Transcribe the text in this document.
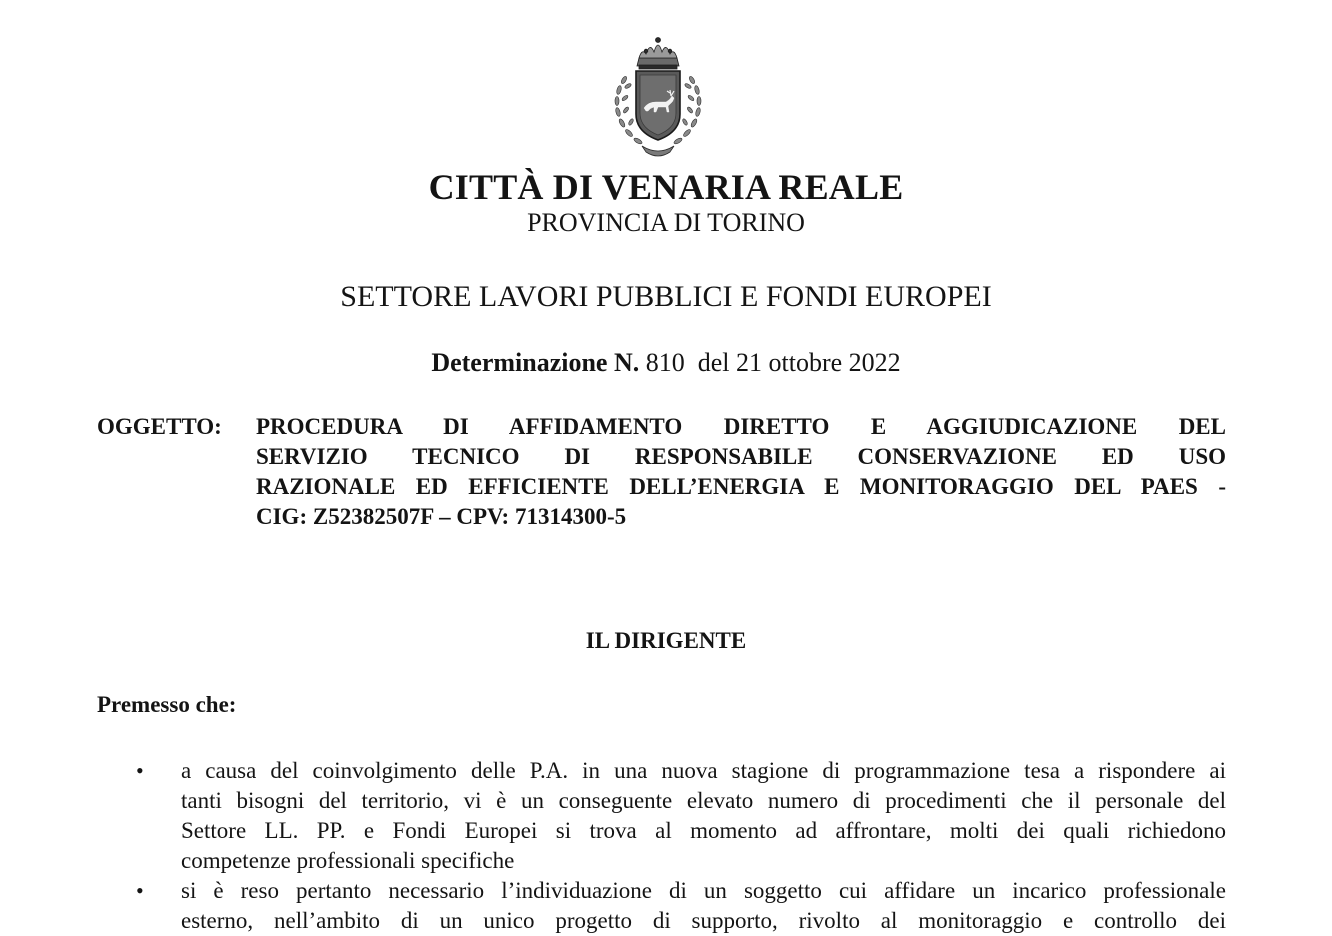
CITTÀ DI VENARIA REALE
PROVINCIA DI TORINO
SETTORE LAVORI PUBBLICI E FONDI EUROPEI
Determinazione N. 810 del 21 ottobre 2022
OGGETTO: PROCEDURA DI AFFIDAMENTO DIRETTO E AGGIUDICAZIONE DEL
SERVIZIO TECNICO DI RESPONSABILE CONSERVAZIONE ED USO
RAZIONALE ED EFFICIENTE DELL’ENERGIA E MONITORAGGIO DEL PAES -
CIG: Z52382507F – CPV: 71314300-5
IL DIRIGENTE
Premesso che:
• a causa del coinvolgimento delle P.A. in una nuova stagione di programmazione tesa a rispondere ai
tanti bisogni del territorio, vi è un conseguente elevato numero di procedimenti che il personale del
Settore LL. PP. e Fondi Europei si trova al momento ad affrontare, molti dei quali richiedono
competenze professionali specifiche
• si è reso pertanto necessario l’individuazione di un soggetto cui affidare un incarico professionale
esterno, nell’ambito di un unico progetto di supporto, rivolto al monitoraggio e controllo dei
